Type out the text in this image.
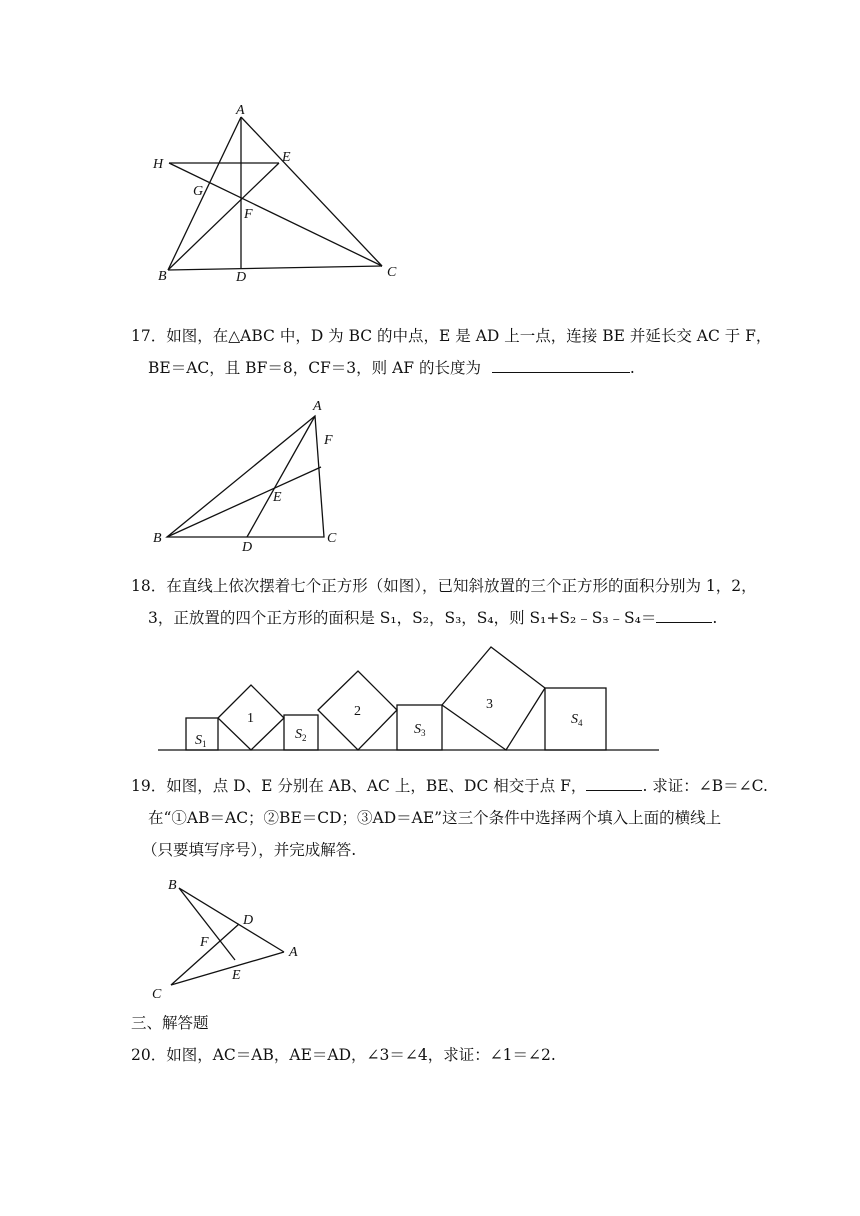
A
H	E
G
F
B	D	C
17．如图，在△ABC 中，D 为 BC 的中点，E 是 AD 上一点，连接 BE 并延长交 AC 于 F，
BE＝AC，且 BF＝8，CF＝3，则 AF 的长度为	.
A
F
E
B
D
C
18．在直线上依次摆着七个正方形（如图），已知斜放置的三个正方形的面积分别为 1，2，
3，正放置的四个正方形的面积是 S₁，S₂，S₃，S₄，则 S₁+S₂﹣S₃﹣S₄＝	.
$S_1$
1
$S_2$
2
$S_3$
3
$S_4$
19．如图，点 D、E 分别在 AB、AC 上，BE、DC 相交于点 F，	. 求证：∠B＝∠C.
在“①AB＝AC；②BE＝CD；③AD＝AE”这三个条件中选择两个填入上面的横线上
（只要填写序号），并完成解答.
B
D
F
A
E
C
三、解答题
20．如图，AC＝AB，AE＝AD，∠3＝∠4，求证：∠1＝∠2.
